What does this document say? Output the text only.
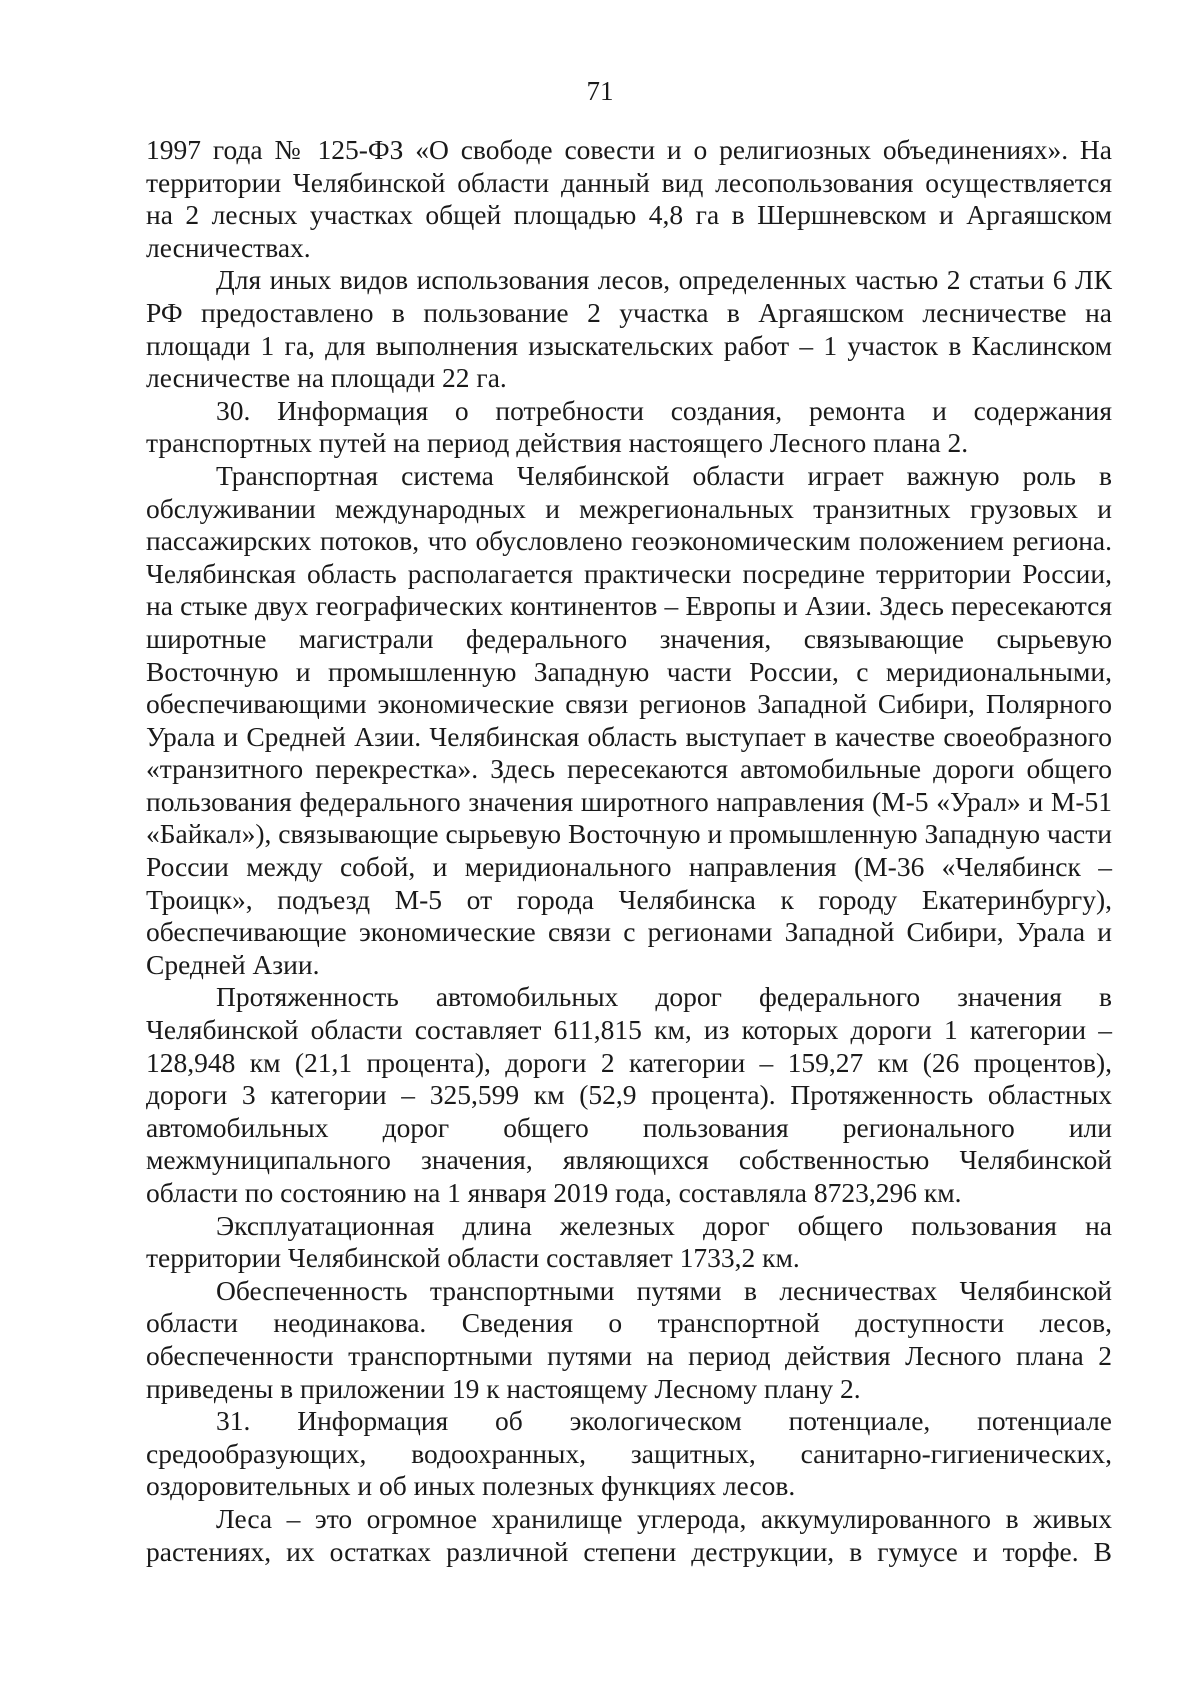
71

1997 года № 125-ФЗ «О свободе совести и о религиозных объединениях». На территории Челябинской области данный вид лесопользования осуществляется на 2 лесных участках общей площадью 4,8 га в Шершневском и Аргаяшском лесничествах.

Для иных видов использования лесов, определенных частью 2 статьи 6 ЛК РФ предоставлено в пользование 2 участка в Аргаяшском лесничестве на площади 1 га, для выполнения изыскательских работ – 1 участок в Каслинском лесничестве на площади 22 га.

30. Информация о потребности создания, ремонта и содержания транспортных путей на период действия настоящего Лесного плана 2.

Транспортная система Челябинской области играет важную роль в обслуживании международных и межрегиональных транзитных грузовых и пассажирских потоков, что обусловлено геоэкономическим положением региона. Челябинская область располагается практически посредине территории России, на стыке двух географических континентов – Европы и Азии. Здесь пересекаются широтные магистрали федерального значения, связывающие сырьевую Восточную и промышленную Западную части России, с меридиональными, обеспечивающими экономические связи регионов Западной Сибири, Полярного Урала и Средней Азии. Челябинская область выступает в качестве своеобразного «транзитного перекрестка». Здесь пересекаются автомобильные дороги общего пользования федерального значения широтного направления (М-5 «Урал» и М-51 «Байкал»), связывающие сырьевую Восточную и промышленную Западную части России между собой, и меридионального направления (М-36 «Челябинск – Троицк», подъезд М-5 от города Челябинска к городу Екатеринбургу), обеспечивающие экономические связи с регионами Западной Сибири, Урала и Средней Азии.

Протяженность автомобильных дорог федерального значения в Челябинской области составляет 611,815 км, из которых дороги 1 категории – 128,948 км (21,1 процента), дороги 2 категории – 159,27 км (26 процентов), дороги 3 категории – 325,599 км (52,9 процента). Протяженность областных автомобильных дорог общего пользования регионального или межмуниципального значения, являющихся собственностью Челябинской области по состоянию на 1 января 2019 года, составляла 8723,296 км.

Эксплуатационная длина железных дорог общего пользования на территории Челябинской области составляет 1733,2 км.

Обеспеченность транспортными путями в лесничествах Челябинской области неодинакова. Сведения о транспортной доступности лесов, обеспеченности транспортными путями на период действия Лесного плана 2 приведены в приложении 19 к настоящему Лесному плану 2.

31. Информация об экологическом потенциале, потенциале средообразующих, водоохранных, защитных, санитарно-гигиенических, оздоровительных и об иных полезных функциях лесов.

Леса – это огромное хранилище углерода, аккумулированного в живых растениях, их остатках различной степени деструкции, в гумусе и торфе. В
